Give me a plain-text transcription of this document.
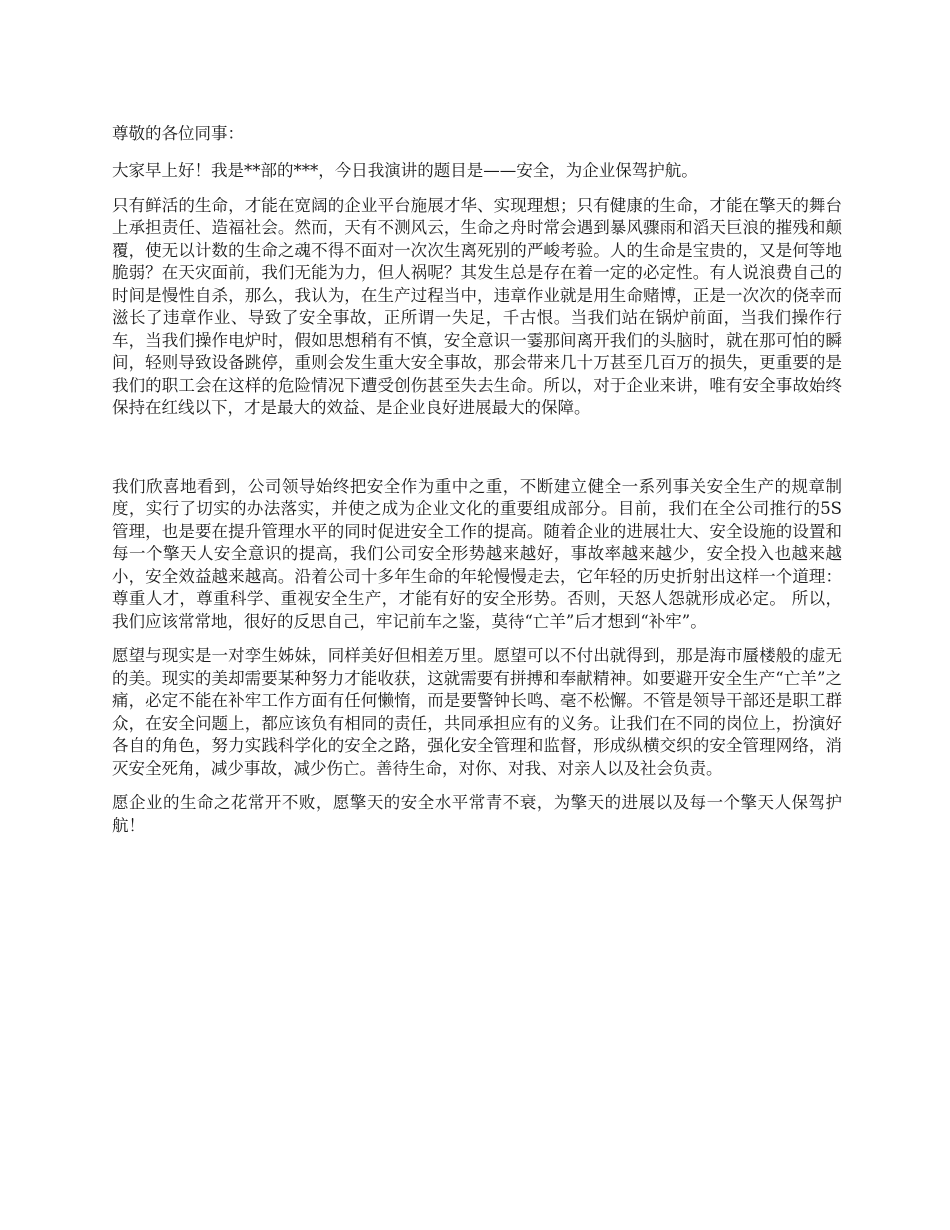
尊敬的各位同事：

大家早上好！我是**部的***，今日我演讲的题目是——安全，为企业保驾护航。

只有鲜活的生命，才能在宽阔的企业平台施展才华、实现理想；只有健康的生命，才能在擎天的舞台上承担责任、造福社会。然而，天有不测风云，生命之舟时常会遇到暴风骤雨和滔天巨浪的摧残和颠覆，使无以计数的生命之魂不得不面对一次次生离死别的严峻考验。人的生命是宝贵的，又是何等地脆弱？在天灾面前，我们无能为力，但人祸呢？其发生总是存在着一定的必定性。有人说浪费自己的时间是慢性自杀，那么，我认为，在生产过程当中，违章作业就是用生命赌博，正是一次次的侥幸而滋长了违章作业、导致了安全事故，正所谓一失足，千古恨。当我们站在锅炉前面，当我们操作行车，当我们操作电炉时，假如思想稍有不慎，安全意识一霎那间离开我们的头脑时，就在那可怕的瞬间，轻则导致设备跳停，重则会发生重大安全事故，那会带来几十万甚至几百万的损失，更重要的是我们的职工会在这样的危险情况下遭受创伤甚至失去生命。所以，对于企业来讲，唯有安全事故始终保持在红线以下，才是最大的效益、是企业良好进展最大的保障。

我们欣喜地看到，公司领导始终把安全作为重中之重，不断建立健全一系列事关安全生产的规章制度，实行了切实的办法落实，并使之成为企业文化的重要组成部分。目前，我们在全公司推行的5S管理，也是要在提升管理水平的同时促进安全工作的提高。随着企业的进展壮大、安全设施的设置和每一个擎天人安全意识的提高，我们公司安全形势越来越好，事故率越来越少，安全投入也越来越小，安全效益越来越高。沿着公司十多年生命的年轮慢慢走去，它年轻的历史折射出这样一个道理：尊重人才，尊重科学、重视安全生产，才能有好的安全形势。否则，天怒人怨就形成必定。 所以，我们应该常常地，很好的反思自己，牢记前车之鉴，莫待“亡羊”后才想到“补牢”。

愿望与现实是一对孪生姊妹，同样美好但相差万里。愿望可以不付出就得到，那是海市蜃楼般的虚无的美。现实的美却需要某种努力才能收获，这就需要有拼搏和奉献精神。如要避开安全生产“亡羊”之痛，必定不能在补牢工作方面有任何懒惰，而是要警钟长鸣、毫不松懈。不管是领导干部还是职工群众，在安全问题上，都应该负有相同的责任，共同承担应有的义务。让我们在不同的岗位上，扮演好各自的角色，努力实践科学化的安全之路，强化安全管理和监督，形成纵横交织的安全管理网络，消灭安全死角，减少事故，减少伤亡。善待生命，对你、对我、对亲人以及社会负责。

愿企业的生命之花常开不败，愿擎天的安全水平常青不衰，为擎天的进展以及每一个擎天人保驾护航！
